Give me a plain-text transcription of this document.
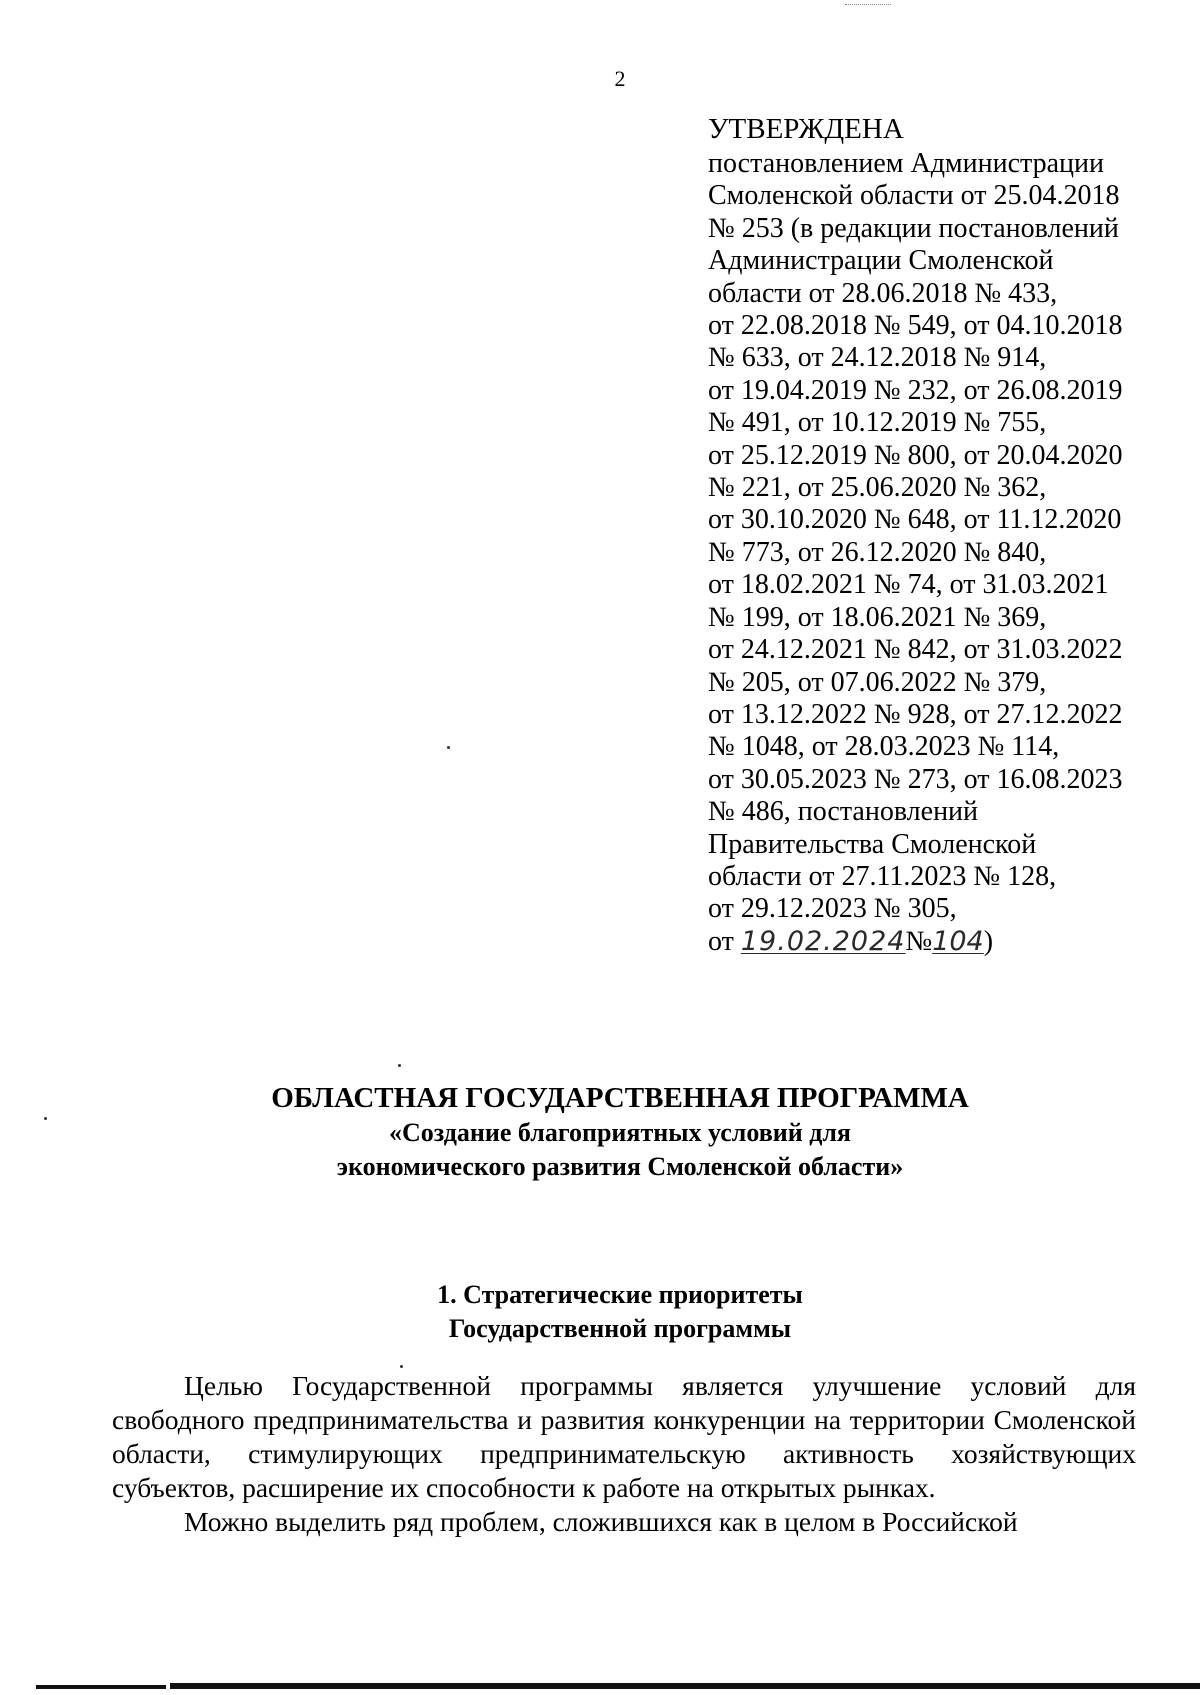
2
УТВЕРЖДЕНА
постановлением Администрации
Смоленской области от 25.04.2018
№ 253 (в редакции постановлений
Администрации Смоленской
области от 28.06.2018 № 433,
от 22.08.2018 № 549, от 04.10.2018
№ 633, от 24.12.2018 № 914,
от 19.04.2019 № 232, от 26.08.2019
№ 491, от 10.12.2019 № 755,
от 25.12.2019 № 800, от 20.04.2020
№ 221, от 25.06.2020 № 362,
от 30.10.2020 № 648, от 11.12.2020
№ 773, от 26.12.2020 № 840,
от 18.02.2021 № 74, от 31.03.2021
№ 199, от 18.06.2021 № 369,
от 24.12.2021 № 842, от 31.03.2022
№ 205, от 07.06.2022 № 379,
от 13.12.2022 № 928, от 27.12.2022
№ 1048, от 28.03.2023 № 114,
от 30.05.2023 № 273, от 16.08.2023
№ 486, постановлений
Правительства Смоленской
области от 27.11.2023 № 128,
от 29.12.2023 № 305,
от 19.02.2024№104)
ОБЛАСТНАЯ ГОСУДАРСТВЕННАЯ ПРОГРАММА
«Создание благоприятных условий для
экономического развития Смоленской области»
1. Стратегические приоритеты
Государственной программы

Целью Государственной программы является улучшение условий для свободного предпринимательства и развития конкуренции на территории Смоленской области, стимулирующих предпринимательскую активность хозяйствующих субъектов, расширение их способности к работе на открытых рынках.

Можно выделить ряд проблем, сложившихся как в целом в Российской
